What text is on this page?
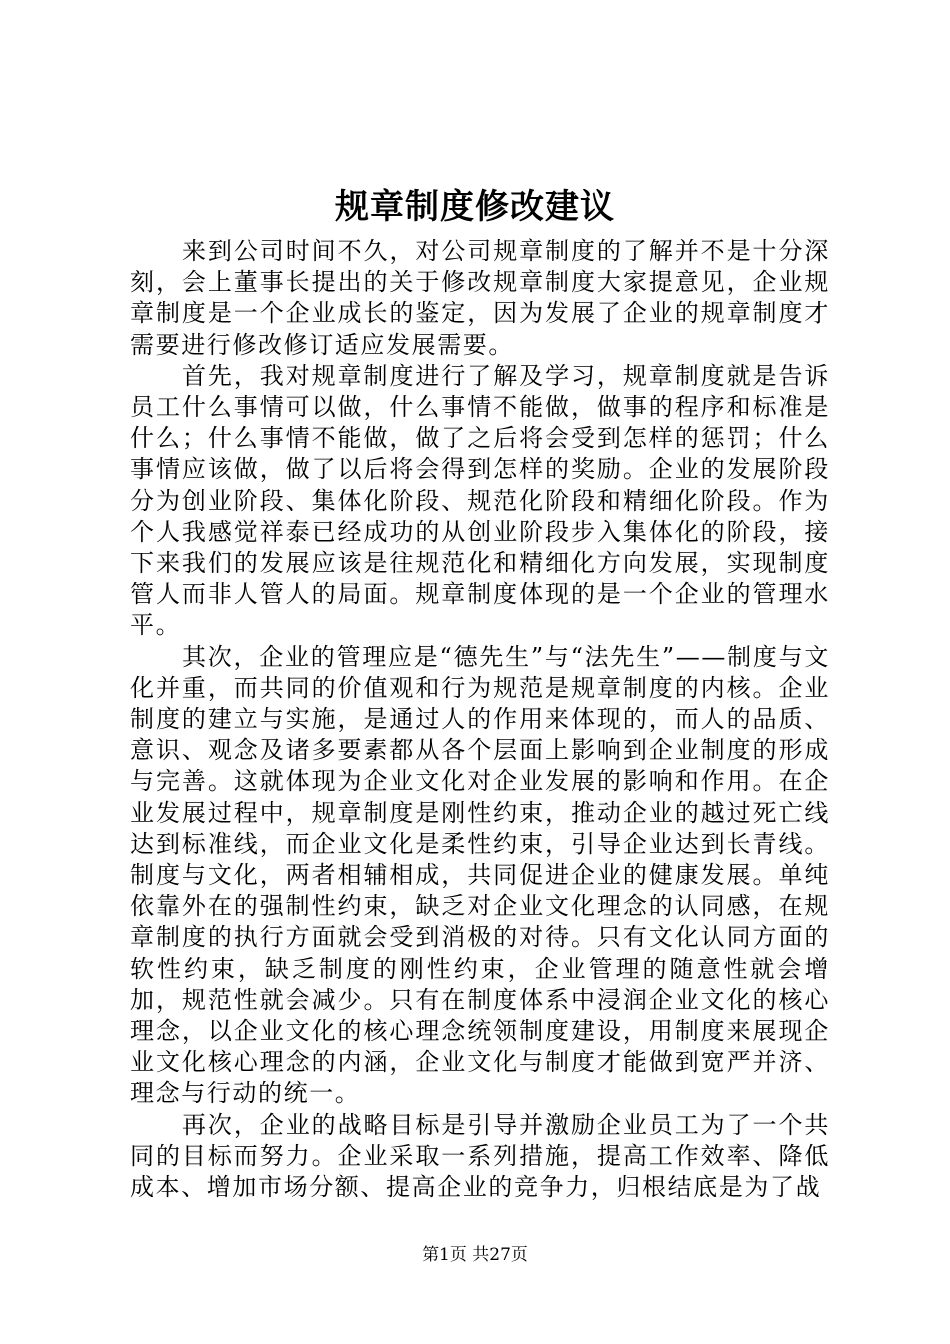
规章制度修改建议

来到公司时间不久，对公司规章制度的了解并不是十分深刻，会上董事长提出的关于修改规章制度大家提意见，企业规章制度是一个企业成长的鉴定，因为发展了企业的规章制度才需要进行修改修订适应发展需要。

首先，我对规章制度进行了解及学习，规章制度就是告诉员工什么事情可以做，什么事情不能做，做事的程序和标准是什么；什么事情不能做，做了之后将会受到怎样的惩罚；什么事情应该做，做了以后将会得到怎样的奖励。企业的发展阶段分为创业阶段、集体化阶段、规范化阶段和精细化阶段。作为个人我感觉祥泰已经成功的从创业阶段步入集体化的阶段，接下来我们的发展应该是往规范化和精细化方向发展，实现制度管人而非人管人的局面。规章制度体现的是一个企业的管理水平。

其次，企业的管理应是“德先生”与“法先生”——制度与文化并重，而共同的价值观和行为规范是规章制度的内核。企业制度的建立与实施，是通过人的作用来体现的，而人的品质、意识、观念及诸多要素都从各个层面上影响到企业制度的形成与完善。这就体现为企业文化对企业发展的影响和作用。在企业发展过程中，规章制度是刚性约束，推动企业的越过死亡线达到标准线，而企业文化是柔性约束，引导企业达到长青线。制度与文化，两者相辅相成，共同促进企业的健康发展。单纯依靠外在的强制性约束，缺乏对企业文化理念的认同感，在规章制度的执行方面就会受到消极的对待。只有文化认同方面的软性约束，缺乏制度的刚性约束，企业管理的随意性就会增加，规范性就会减少。只有在制度体系中浸润企业文化的核心理念，以企业文化的核心理念统领制度建设，用制度来展现企业文化核心理念的内涵，企业文化与制度才能做到宽严并济、理念与行动的统一。

再次，企业的战略目标是引导并激励企业员工为了一个共同的目标而努力。企业采取一系列措施，提高工作效率、降低成本、增加市场分额、提高企业的竞争力，归根结底是为了战

第1页 共27页
